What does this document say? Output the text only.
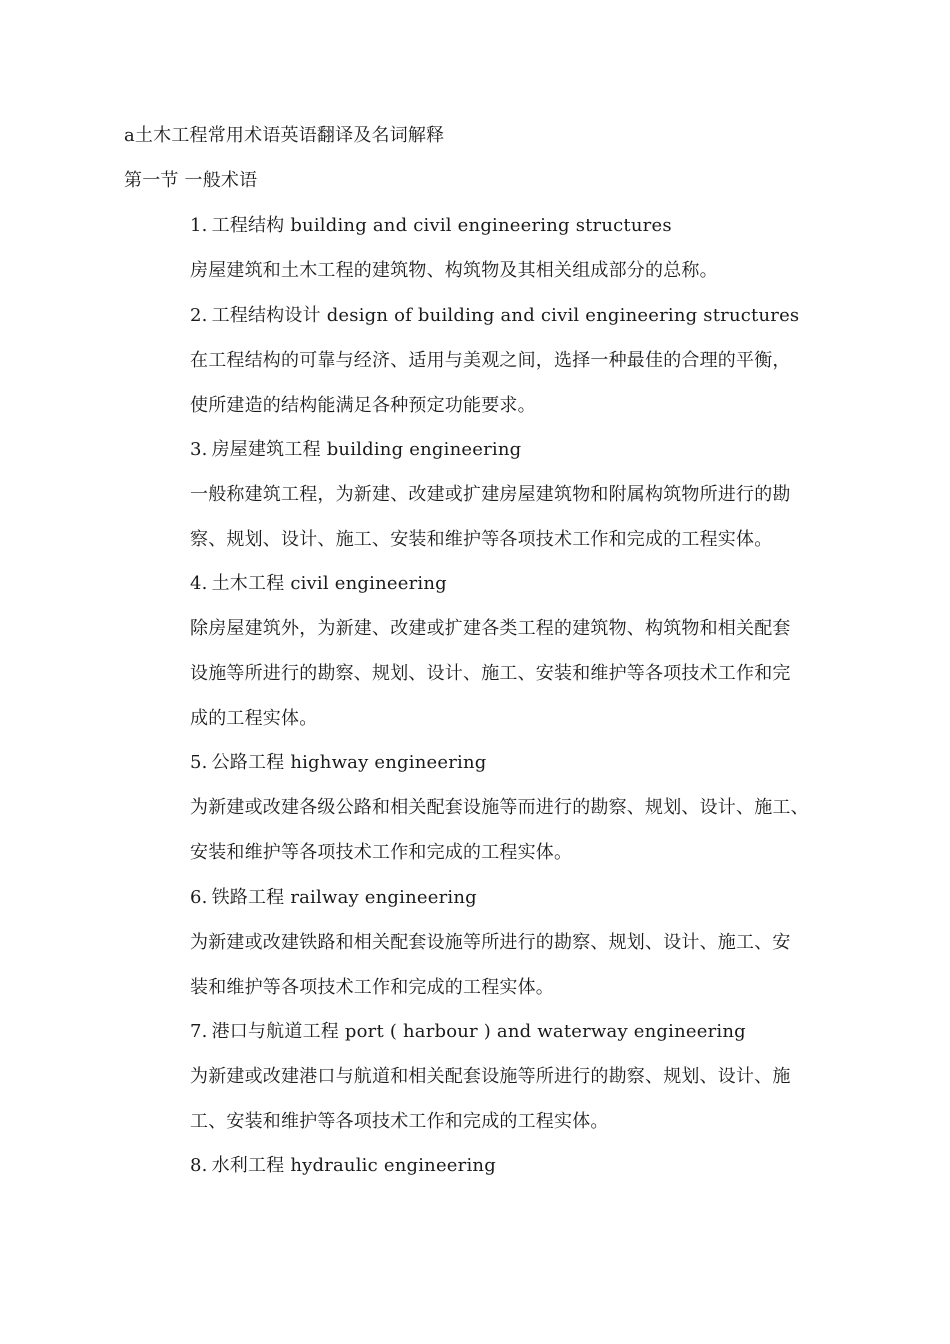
a土木工程常用术语英语翻译及名词解释
第一节 一般术语
1. 工程结构 building and civil engineering structures
房屋建筑和土木工程的建筑物、构筑物及其相关组成部分的总称。
2. 工程结构设计 design of building and civil engineering structures
在工程结构的可靠与经济、适用与美观之间，选择一种最佳的合理的平衡，
使所建造的结构能满足各种预定功能要求。
3. 房屋建筑工程 building engineering
一般称建筑工程，为新建、改建或扩建房屋建筑物和附属构筑物所进行的勘
察、规划、设计、施工、安装和维护等各项技术工作和完成的工程实体。
4. 土木工程 civil engineering
除房屋建筑外，为新建、改建或扩建各类工程的建筑物、构筑物和相关配套
设施等所进行的勘察、规划、设计、施工、安装和维护等各项技术工作和完
成的工程实体。
5. 公路工程 highway engineering
为新建或改建各级公路和相关配套设施等而进行的勘察、规划、设计、施工、
安装和维护等各项技术工作和完成的工程实体。
6. 铁路工程 railway engineering
为新建或改建铁路和相关配套设施等所进行的勘察、规划、设计、施工、安
装和维护等各项技术工作和完成的工程实体。
7. 港口与航道工程 port ( harbour ) and waterway engineering
为新建或改建港口与航道和相关配套设施等所进行的勘察、规划、设计、施
工、安装和维护等各项技术工作和完成的工程实体。
8. 水利工程 hydraulic engineering
